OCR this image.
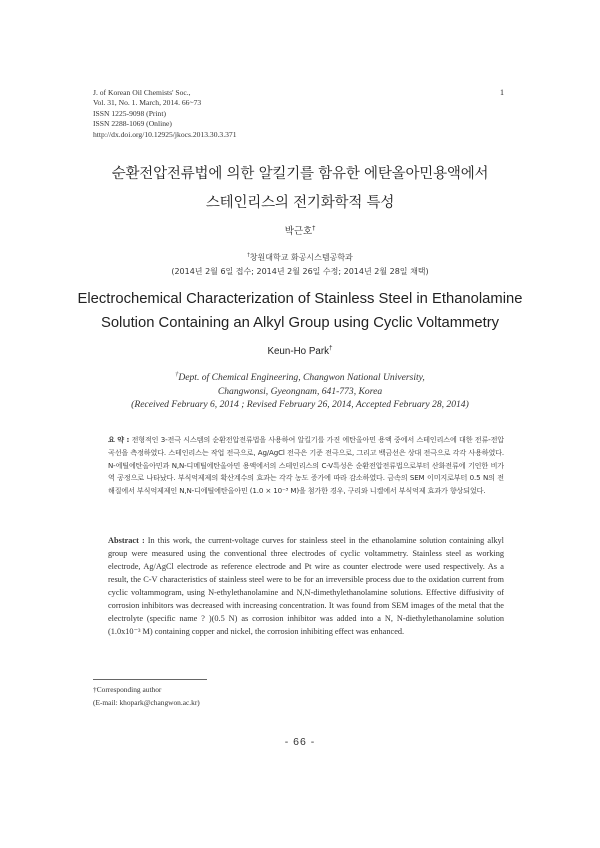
J. of Korean Oil Chemists' Soc.,
Vol. 31, No. 1. March, 2014. 66~73
ISSN 1225-9098 (Print)
ISSN 2288-1069 (Online)
http://dx.doi.org/10.12925/jkocs.2013.30.3.371
1
순환전압전류법에 의한 알킬기를 함유한 에탄올아민용액에서
스테인리스의 전기화학적 특성
박근호†
†창원대학교 화공시스템공학과
(2014년 2월 6일 접수; 2014년 2월 26일 수정; 2014년 2월 28일 채택)
Electrochemical Characterization of Stainless Steel in Ethanolamine
Solution Containing an Alkyl Group using Cyclic Voltammetry
Keun-Ho Park†
†Dept. of Chemical Engineering, Changwon National University,
Changwonsi, Gyeongnam, 641-773, Korea
(Received February 6, 2014 ; Revised February 26, 2014, Accepted February 28, 2014)
요 약 : 전형적인 3-전극 시스템의 순환전압전류법을 사용하여 알킬기를 가진 에탄올아민 용액 중에서 스테인리스에 대한 전류-전압 곡선을 측정하였다. 스테인리스는 작업 전극으로, Ag/AgCl 전극은 기준 전극으로, 그리고 백금선은 상대 전극으로 각각 사용하였다. N-에틸에탄올아민과 N,N-디메틸에탄올아민 용액에서의 스테인리스의 C-V특성은 순환전압전류법으로부터 산화전류에 기인한 비가역 공정으로 나타났다. 부식억제제의 확산계수의 효과는 각각 농도 증가에 따라 감소하였다. 금속의 SEM 이미지로부터 0.5 N의 전해질에서 부식억제제인 N,N-디에틸에탄올아민 (1.0 × 10⁻³ M)을 첨가한 경우, 구리와 니켈에서 부식억제 효과가 향상되었다.
Abstract : In this work, the current-voltage curves for stainless steel in the ethanolamine solution containing alkyl group were measured using the conventional three electrodes of cyclic voltammetry. Stainless steel as working electrode, Ag/AgCl electrode as reference electrode and Pt wire as counter electrode were used respectively. As a result, the C-V characteristics of stainless steel were to be for an irreversible process due to the oxidation current from cyclic voltammogram, using N-ethylethanolamine and N,N-dimethylethanolamine solutions. Effective diffusivity of corrosion inhibitors was decreased with increasing concentration. It was found from SEM images of the metal that the electrolyte (specific name ? )(0.5 N) as corrosion inhibitor was added into a N, N-diethylethanolamine solution (1.0x10⁻³ M) containing copper and nickel, the corrosion inhibiting effect was enhanced.
†Corresponding author
(E-mail: khopark@changwon.ac.kr)
- 66 -
